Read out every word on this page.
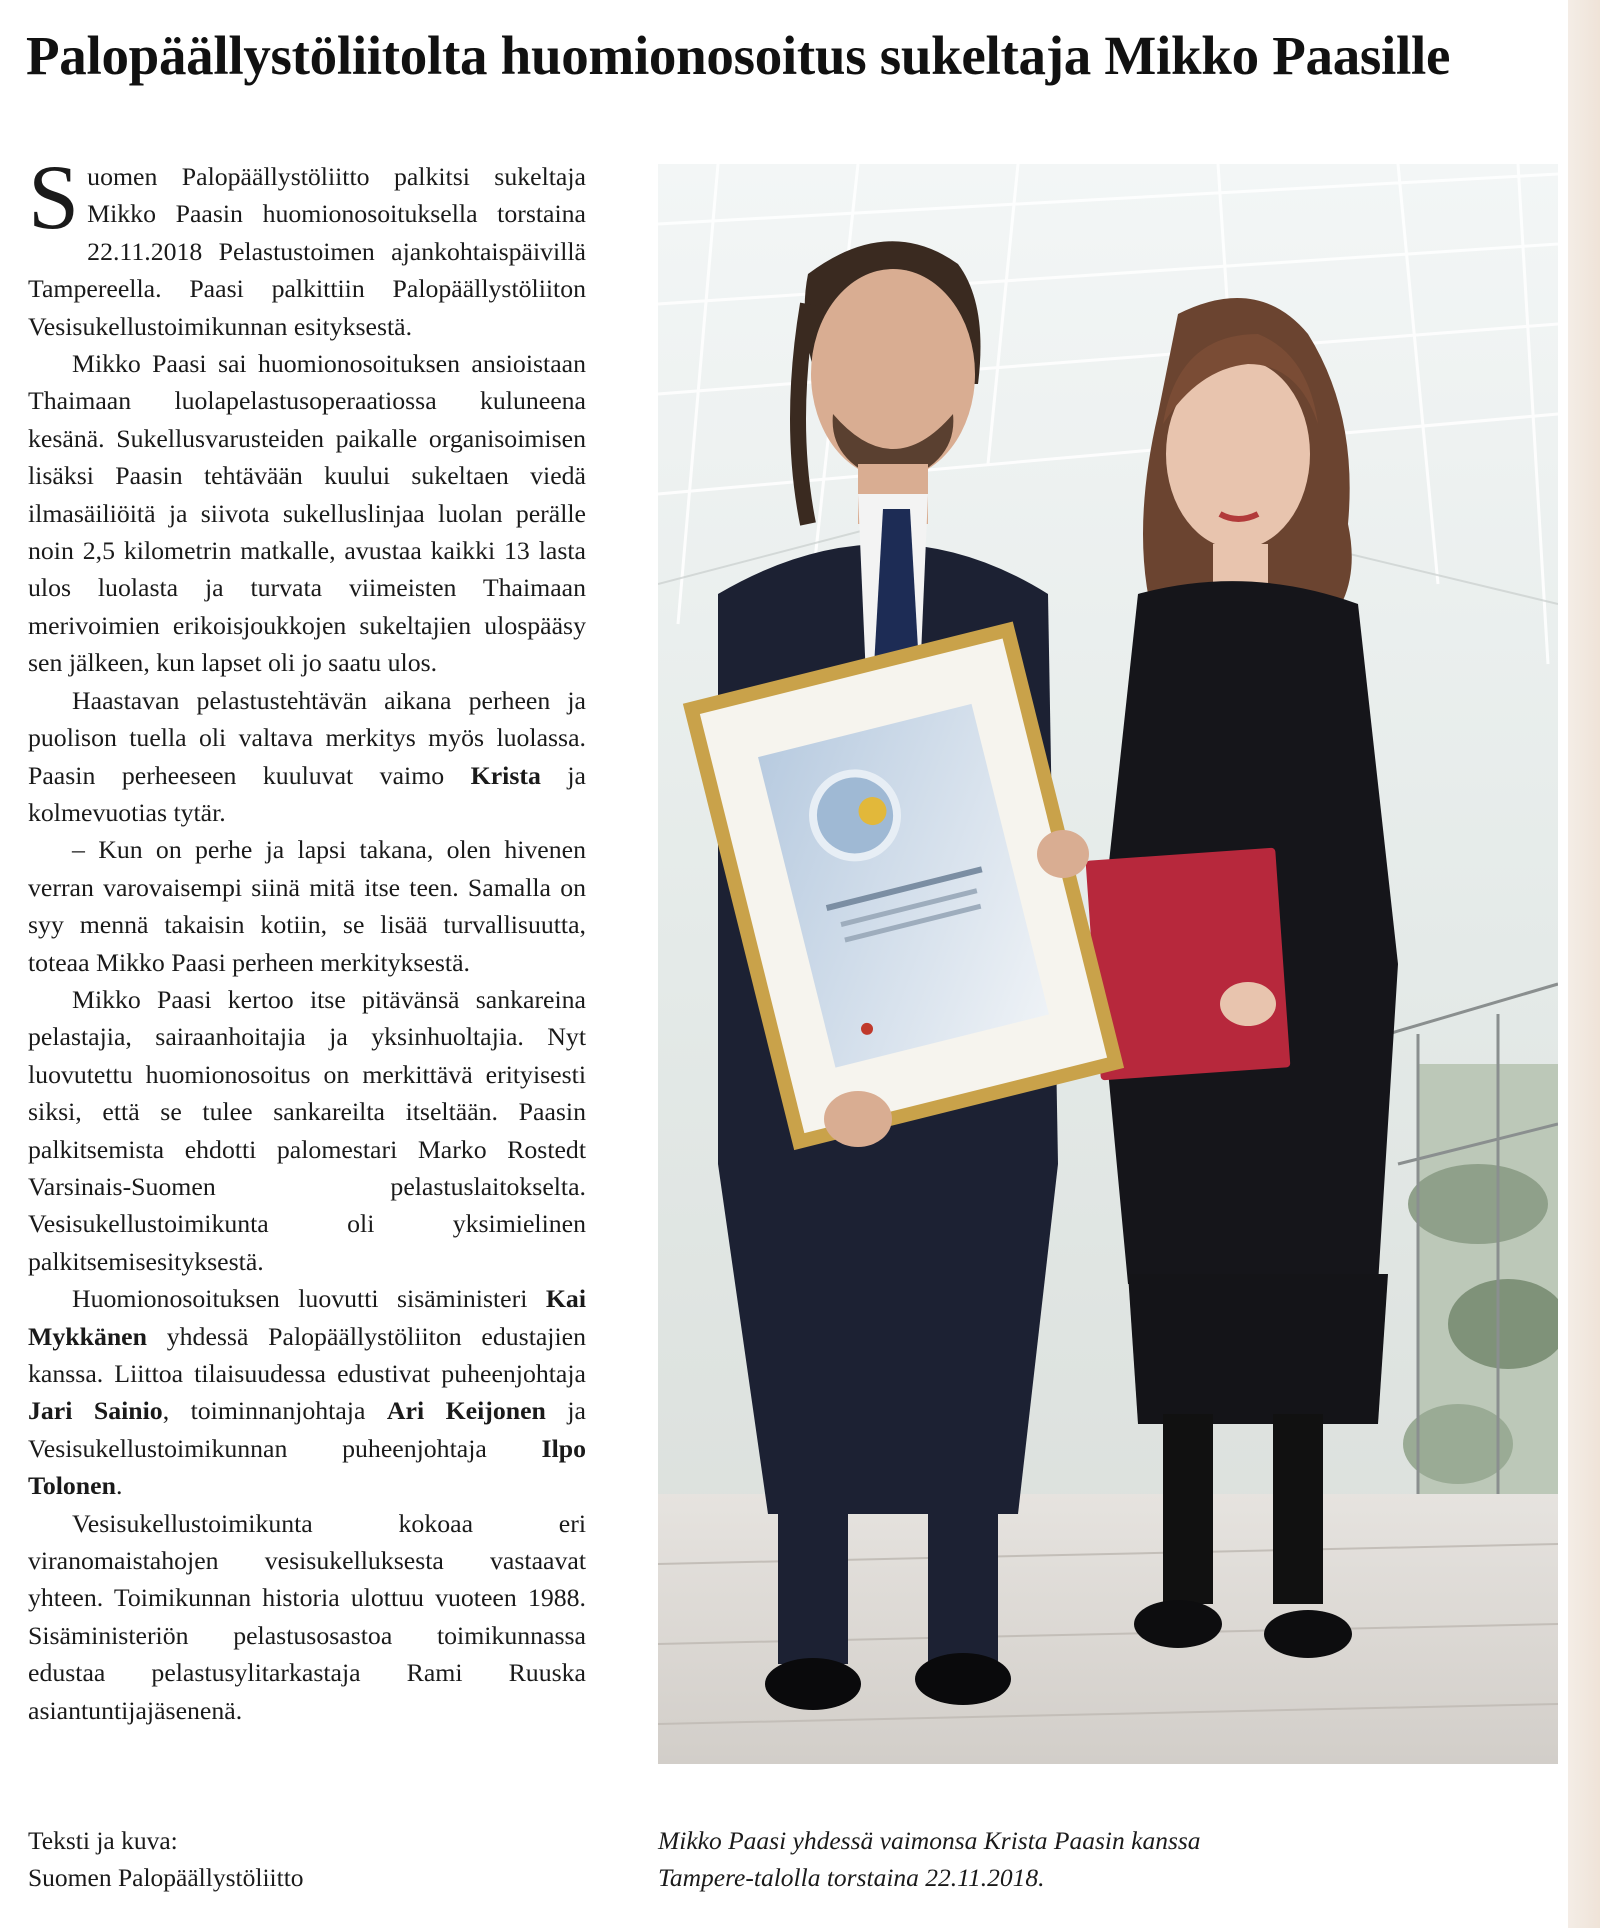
Palopäällystöliitolta huomionosoitus sukeltaja Mikko Paasille

Suomen Palopäällystöliitto palkitsi sukeltaja Mikko Paasin huomionosoituksella torstaina 22.11.2018 Pelastustoimen ajankohtaispäivillä Tampereella. Paasi palkittiin Palopäällystöliiton Vesisukellustoimikunnan esityksestä.

Mikko Paasi sai huomionosoituksen ansioistaan Thaimaan luolapelastusoperaatiossa kuluneena kesänä. Sukellusvarusteiden paikalle organisoimisen lisäksi Paasin tehtävään kuului sukeltaen viedä ilmasäiliöitä ja siivota sukelluslinjaa luolan perälle noin 2,5 kilometrin matkalle, avustaa kaikki 13 lasta ulos luolasta ja turvata viimeisten Thaimaan merivoimien erikoisjoukkojen sukeltajien ulospääsy sen jälkeen, kun lapset oli jo saatu ulos.

Haastavan pelastustehtävän aikana perheen ja puolison tuella oli valtava merkitys myös luolassa. Paasin perheeseen kuuluvat vaimo Krista ja kolmevuotias tytär.

– Kun on perhe ja lapsi takana, olen hivenen verran varovaisempi siinä mitä itse teen. Samalla on syy mennä takaisin kotiin, se lisää turvallisuutta, toteaa Mikko Paasi perheen merkityksestä.

Mikko Paasi kertoo itse pitävänsä sankareina pelastajia, sairaanhoitajia ja yksinhuoltajia. Nyt luovutettu huomionosoitus on merkittävä erityisesti siksi, että se tulee sankareilta itseltään. Paasin palkitsemista ehdotti palomestari Marko Rostedt Varsinais-Suomen pelastuslaitokselta. Vesisukellustoimikunta oli yksimielinen palkitsemisesityksestä.

Huomionosoituksen luovutti sisäministeri Kai Mykkänen yhdessä Palopäällystöliiton edustajien kanssa. Liittoa tilaisuudessa edustivat puheenjohtaja Jari Sainio, toiminnanjohtaja Ari Keijonen ja Vesisukellustoimikunnan puheenjohtaja Ilpo Tolonen.

Vesisukellustoimikunta kokoaa eri viranomaistahojen vesisukelluksesta vastaavat yhteen. Toimikunnan historia ulottuu vuoteen 1988. Sisäministeriön pelastusosastoa toimikunnassa edustaa pelastusylitarkastaja Rami Ruuska asiantuntijajäsenenä.

Teksti ja kuva:
Suomen Palopäällystöliitto
Mikko Paasi yhdessä vaimonsa Krista Paasin kanssa
Tampere-talolla torstaina 22.11.2018.
